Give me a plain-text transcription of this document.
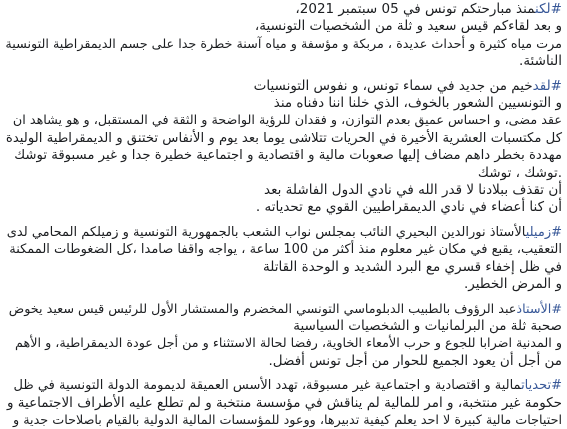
#لكنمنذ مبارحتكم تونس في 05 سبتمبر 2021،
و بعد لقاءكم قيس سعيد و ثلة من الشخصيات التونسية،
مرت مياه كثيرة و أحداث عديدة ، مربكة و مؤسفة و مياه آسنة خطرة جدا على جسم الديمقراطية التونسية
الناشئة.
#لقدخيم من جديد في سماء تونس، و نفوس التونسيات
و التونسيين الشعور بالخوف، الذي خلنا اننا دفناه منذ
عقد مضى، و احساس عميق بعدم التوازن، و فقدان للرؤية الواضحة و الثقة في المستقبل، و هو يشاهد ان
كل مكتسبات العشرية الأخيرة في الحريات تتلاشى يوما بعد يوم و الأنفاس تختنق و الديمقراطية الوليدة
مهددة بخطر داهم مضاف إليها صعوبات مالية و اقتصادية و اجتماعية خطيرة جدا و غير مسبوقة توشك
.توشك ، توشك
أن تقذف ببلادنا لا قدر الله في نادي الدول الفاشلة بعد
أن كنا أعضاء في نادي الديمقراطيين القوي مع تحدياته .
#زميليالأستاذ نورالدين البحيري النائب بمجلس نواب الشعب بالجمهورية التونسية و زميلكم المحامي لدى
التعقيب، يقبع في مكان غير معلوم منذ أكثر من 100 ساعة ، يواجه واقفا صامدا ،كل الضغوطات الممكنة
في ظل إخفاء قسري مع البرد الشديد و الوحدة القاتلة
و المرض الخطير.
#الأستاذعبد الرؤوف بالطبيب الدبلوماسي التونسي المخضرم والمستشار الأول للرئيس قيس سعيد يخوض
صحبة ثلة من البرلمانيات و الشخصيات السياسية
و المدنية اضرابا للجوع و حرب الأمعاء الخاوية، رفضا لحالة الاستثناء و من أجل عودة الديمقراطية، و الأهم
من أجل أن يعود الجميع للحوار من أجل تونس أفضل.
#تحدياتمالية و اقتصادية و اجتماعية غير مسبوقة، تهدد الأسس العميقة لديمومة الدولة التونسية في ظل
حكومة غير منتخبة، و امر للمالية لم يناقش في مؤسسة منتخبة و لم تطلع عليه الأطراف الاجتماعية و
احتياجات مالية كبيرة لا احد يعلم كيفية تدبيرها، ووعود للمؤسسات المالية الدولية بالقيام باصلاحات جدية و
